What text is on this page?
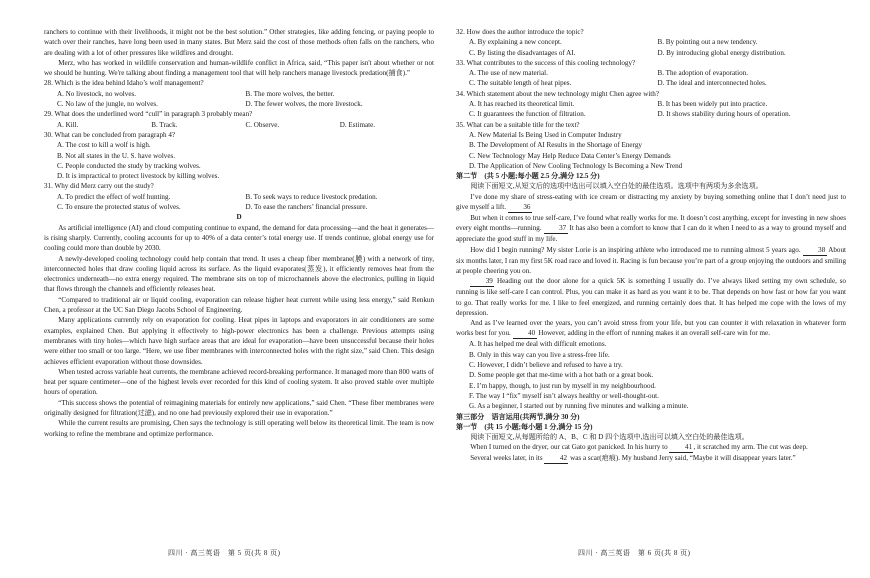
ranchers to continue with their livelihoods, it might not be the best solution.” Other strategies, like adding fencing, or paying people to watch over their ranches, have long been used in many states. But Merz said the cost of those methods often falls on the ranchers, who are dealing with a lot of other pressures like wildfires and drought.

Merz, who has worked in wildlife conservation and human-wildlife conflict in Africa, said, “This paper isn't about whether or not we should be hunting. We're talking about finding a management tool that will help ranchers manage livestock predation(捕食).”

28. Which is the idea behind Idaho’s wolf management?

A. No livestock, no wolves.	B. The more wolves, the better.
C. No law of the jungle, no wolves.	D. The fewer wolves, the more livestock.

29. What does the underlined word “cull” in paragraph 3 probably mean?

A. Kill.	B. Track.	C. Observe.	D. Estimate.

30. What can be concluded from paragraph 4?

A. The cost to kill a wolf is high.
B. Not all states in the U. S. have wolves.
C. People conducted the study by tracking wolves.
D. It is impractical to protect livestock by killing wolves.

31. Why did Merz carry out the study?

A. To predict the effect of wolf hunting.	B. To seek ways to reduce livestock predation.
C. To ensure the protected status of wolves.	D. To ease the ranchers’ financial pressure.

D

As artificial intelligence (AI) and cloud computing continue to expand, the demand for data processing—and the heat it generates—is rising sharply. Currently, cooling accounts for up to 40% of a data center’s total energy use. If trends continue, global energy use for cooling could more than double by 2030.

A newly-developed cooling technology could help contain that trend. It uses a cheap fiber membrane(膜) with a network of tiny, interconnected holes that draw cooling liquid across its surface. As the liquid evaporates(蒸发), it efficiently removes heat from the electronics underneath—no extra energy required. The membrane sits on top of microchannels above the electronics, pulling in liquid that flows through the channels and efficiently releases heat.

“Compared to traditional air or liquid cooling, evaporation can release higher heat current while using less energy,” said Renkun Chen, a professor at the UC San Diego Jacobs School of Engineering.

Many applications currently rely on evaporation for cooling. Heat pipes in laptops and evaporators in air conditioners are some examples, explained Chen. But applying it effectively to high-power electronics has been a challenge. Previous attempts using membranes with tiny holes—which have high surface areas that are ideal for evaporation—have been unsuccessful because their holes were either too small or too large. “Here, we use fiber membranes with interconnected holes with the right size,” said Chen. This design achieves efficient evaporation without those downsides.

When tested across variable heat currents, the membrane achieved record-breaking performance. It managed more than 800 watts of heat per square centimeter—one of the highest levels ever recorded for this kind of cooling system. It also proved stable over multiple hours of operation.

“This success shows the potential of reimagining materials for entirely new applications,” said Chen. “These fiber membranes were originally designed for filtration(过滤), and no one had previously explored their use in evaporation.”

While the current results are promising, Chen says the technology is still operating well below its theoretical limit. The team is now working to refine the membrane and optimize performance.

32. How does the author introduce the topic?

A. By explaining a new concept.	B. By pointing out a new tendency.
C. By listing the disadvantages of AI.	D. By introducing global energy distribution.

33. What contributes to the success of this cooling technology?

A. The use of new material.	B. The adoption of evaporation.
C. The suitable length of heat pipes.	D. The ideal and interconnected holes.

34. Which statement about the new technology might Chen agree with?

A. It has reached its theoretical limit.	B. It has been widely put into practice.
C. It guarantees the function of filtration.	D. It shows stability during hours of operation.

35. What can be a suitable title for the text?

A. New Material Is Being Used in Computer Industry
B. The Development of AI Results in the Shortage of Energy
C. New Technology May Help Reduce Data Center’s Energy Demands
D. The Application of New Cooling Technology Is Becoming a New Trend

第二节　(共 5 小题;每小题 2.5 分,满分 12.5 分)

阅读下面短文,从短文后的选项中选出可以填入空白处的最佳选项。选项中有两项为多余选项。

I’ve done my share of stress-eating with ice cream or distracting my anxiety by buying something online that I don’t need just to give myself a lift. 36

But when it comes to true self-care, I’ve found what really works for me. It doesn’t cost anything, except for investing in new shoes every eight months—running. 37 It has also been a comfort to know that I can do it when I need to as a way to ground myself and appreciate the good stuff in my life.

How did I begin running? My sister Lorie is an inspiring athlete who introduced me to running almost 5 years ago. 38 About six months later, I ran my first 5K road race and loved it. Racing is fun because you’re part of a group enjoying the outdoors and smiling at people cheering you on.

39 Heading out the door alone for a quick 5K is something I usually do. I’ve always liked setting my own schedule, so running is like self-care I can control. Plus, you can make it as hard as you want it to be. That depends on how fast or how far you want to go. That really works for me. I like to feel energized, and running certainly does that. It has helped me cope with the lows of my depression.

And as I’ve learned over the years, you can’t avoid stress from your life, but you can counter it with relaxation in whatever form works best for you. 40 However, adding in the effort of running makes it an overall self-care win for me.

A. It has helped me deal with difficult emotions.
B. Only in this way can you live a stress-free life.
C. However, I didn’t believe and refused to have a try.
D. Some people get that me-time with a hot bath or a great book.
E. I’m happy, though, to just run by myself in my neighbourhood.
F. The way I “fix” myself isn’t always healthy or well-thought-out.
G. As a beginner, I started out by running five minutes and walking a minute.

第三部分　语言运用(共两节,满分 30 分)

第一节　(共 15 小题;每小题 1 分,满分 15 分)

阅读下面短文,从每题所给的 A、B、C 和 D 四个选项中,选出可以填入空白处的最佳选项。

When I turned on the dryer, our cat Gato got panicked. In his hurry to 41, it scratched my arm. The cut was deep.

Several weeks later, in its 42 was a scar(疤痕). My husband Jerry said, “Maybe it will disappear years later.”

四川 · 高三英语　第 5 页(共 8 页)	四川 · 高三英语　第 6 页(共 8 页)
